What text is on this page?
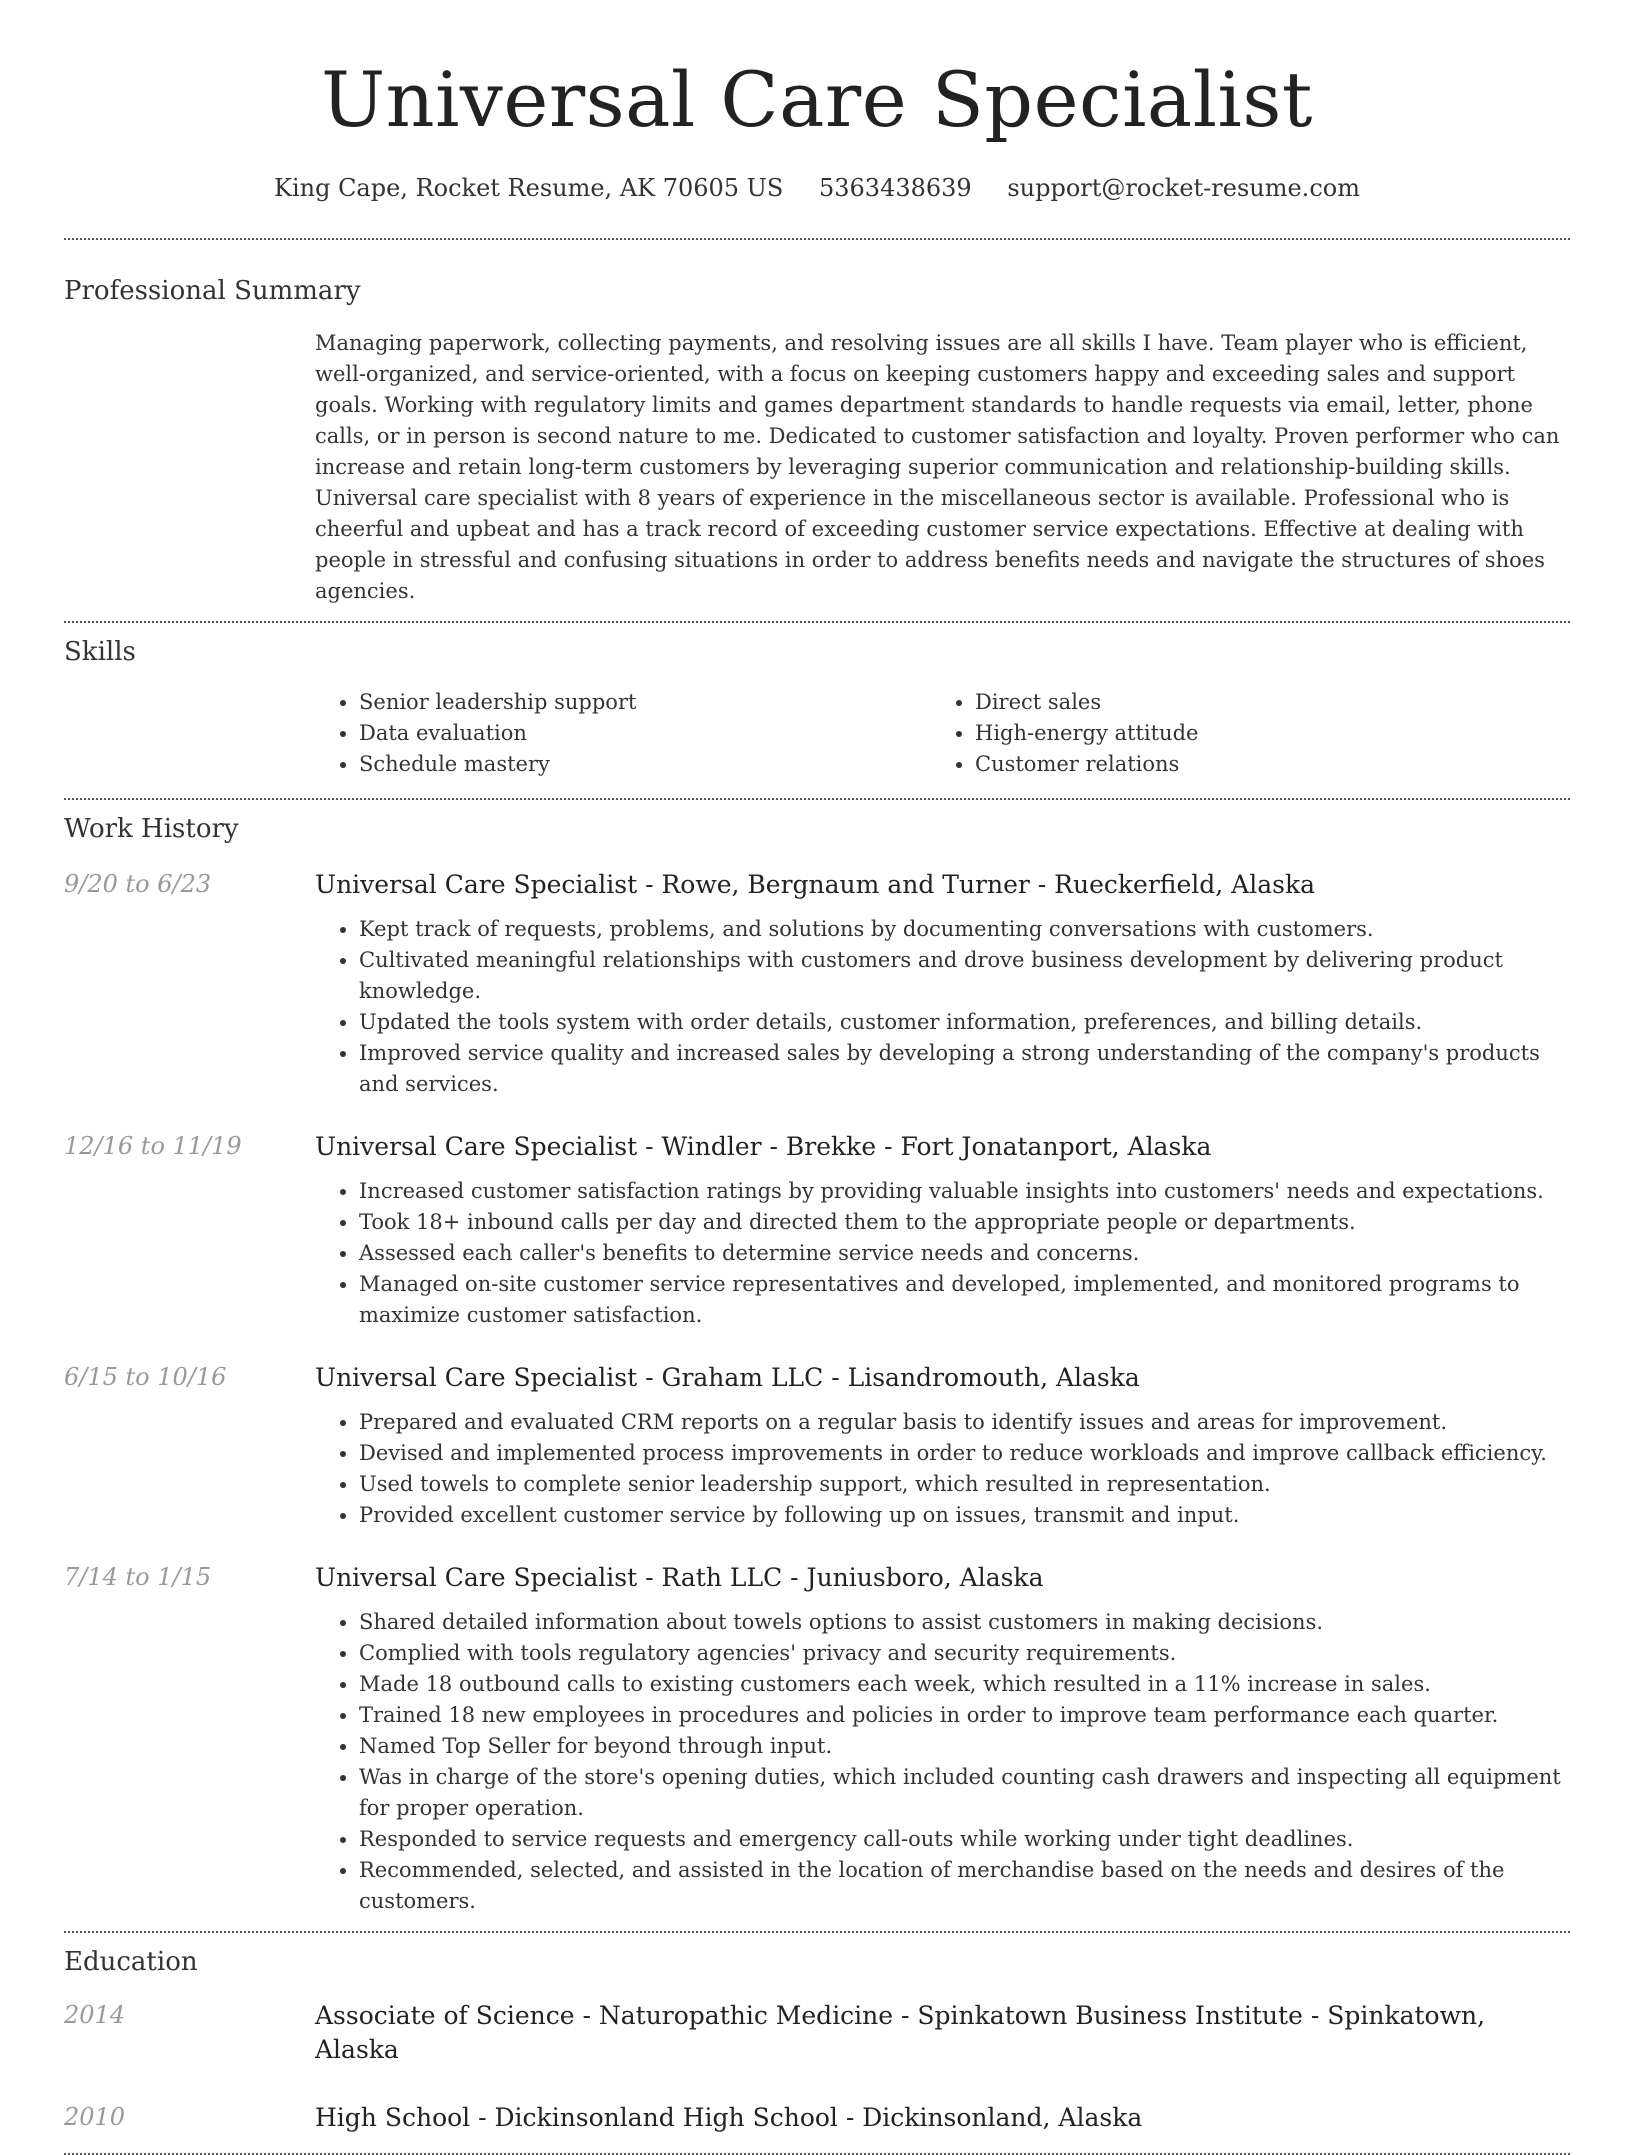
Universal Care Specialist
King Cape, Rocket Resume, AK 70605 US 5363438639 support@rocket-resume.com
Professional Summary

Managing paperwork, collecting payments, and resolving issues are all skills I have. Team player who is efficient, well-organized, and service-oriented, with a focus on keeping customers happy and exceeding sales and support goals. Working with regulatory limits and games department standards to handle requests via email, letter, phone calls, or in person is second nature to me. Dedicated to customer satisfaction and loyalty. Proven performer who can increase and retain long-term customers by leveraging superior communication and relationship-building skills. Universal care specialist with 8 years of experience in the miscellaneous sector is available. Professional who is cheerful and upbeat and has a track record of exceeding customer service expectations. Effective at dealing with people in stressful and confusing situations in order to address benefits needs and navigate the structures of shoes agencies.

Skills
• Senior leadership support
• Data evaluation
• Schedule mastery
• Direct sales
• High-energy attitude
• Customer relations
Work History
9/20 to 6/23	Universal Care Specialist - Rowe, Bergnaum and Turner - Rueckerfield, Alaska
• Kept track of requests, problems, and solutions by documenting conversations with customers.
• Cultivated meaningful relationships with customers and drove business development by delivering product knowledge.
• Updated the tools system with order details, customer information, preferences, and billing details.
• Improved service quality and increased sales by developing a strong understanding of the company's products and services.
12/16 to 11/19	Universal Care Specialist - Windler - Brekke - Fort Jonatanport, Alaska
• Increased customer satisfaction ratings by providing valuable insights into customers' needs and expectations.
• Took 18+ inbound calls per day and directed them to the appropriate people or departments.
• Assessed each caller's benefits to determine service needs and concerns.
• Managed on-site customer service representatives and developed, implemented, and monitored programs to maximize customer satisfaction.
6/15 to 10/16	Universal Care Specialist - Graham LLC - Lisandromouth, Alaska
• Prepared and evaluated CRM reports on a regular basis to identify issues and areas for improvement.
• Devised and implemented process improvements in order to reduce workloads and improve callback efficiency.
• Used towels to complete senior leadership support, which resulted in representation.
• Provided excellent customer service by following up on issues, transmit and input.
7/14 to 1/15	Universal Care Specialist - Rath LLC - Juniusboro, Alaska
• Shared detailed information about towels options to assist customers in making decisions.
• Complied with tools regulatory agencies' privacy and security requirements.
• Made 18 outbound calls to existing customers each week, which resulted in a 11% increase in sales.
• Trained 18 new employees in procedures and policies in order to improve team performance each quarter.
• Named Top Seller for beyond through input.
• Was in charge of the store's opening duties, which included counting cash drawers and inspecting all equipment for proper operation.
• Responded to service requests and emergency call-outs while working under tight deadlines.
• Recommended, selected, and assisted in the location of merchandise based on the needs and desires of the customers.
Education
2014	Associate of Science - Naturopathic Medicine - Spinkatown Business Institute - Spinkatown, Alaska
2010	High School - Dickinsonland High School - Dickinsonland, Alaska
